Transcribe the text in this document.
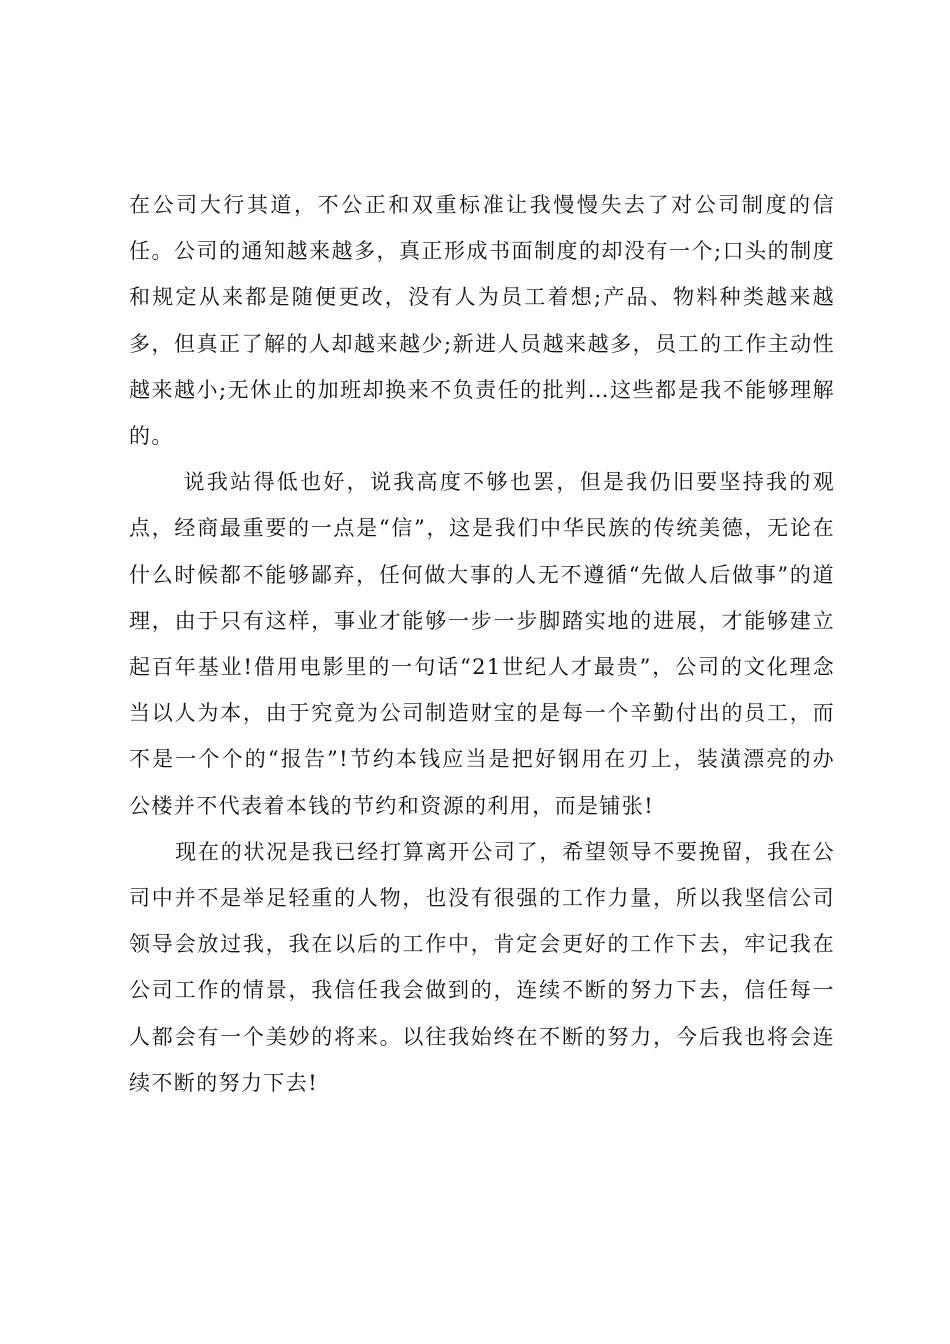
在公司大行其道，不公正和双重标准让我慢慢失去了对公司制度的信任。公司的通知越来越多，真正形成书面制度的却没有一个;口头的制度和规定从来都是随便更改，没有人为员工着想;产品、物料种类越来越多，但真正了解的人却越来越少;新进人员越来越多，员工的工作主动性越来越小;无休止的加班却换来不负责任的批判…这些都是我不能够理解的。

说我站得低也好，说我高度不够也罢，但是我仍旧要坚持我的观点，经商最重要的一点是“信”，这是我们中华民族的传统美德，无论在什么时候都不能够鄙弃，任何做大事的人无不遵循“先做人后做事”的道理，由于只有这样，事业才能够一步一步脚踏实地的进展，才能够建立起百年基业!借用电影里的一句话“21世纪人才最贵”，公司的文化理念当以人为本，由于究竟为公司制造财宝的是每一个辛勤付出的员工，而不是一个个的“报告”!节约本钱应当是把好钢用在刃上，装潢漂亮的办公楼并不代表着本钱的节约和资源的利用，而是铺张!

现在的状况是我已经打算离开公司了，希望领导不要挽留，我在公司中并不是举足轻重的人物，也没有很强的工作力量，所以我坚信公司领导会放过我，我在以后的工作中，肯定会更好的工作下去，牢记我在公司工作的情景，我信任我会做到的，连续不断的努力下去，信任每一人都会有一个美妙的将来。以往我始终在不断的努力，今后我也将会连续不断的努力下去!
